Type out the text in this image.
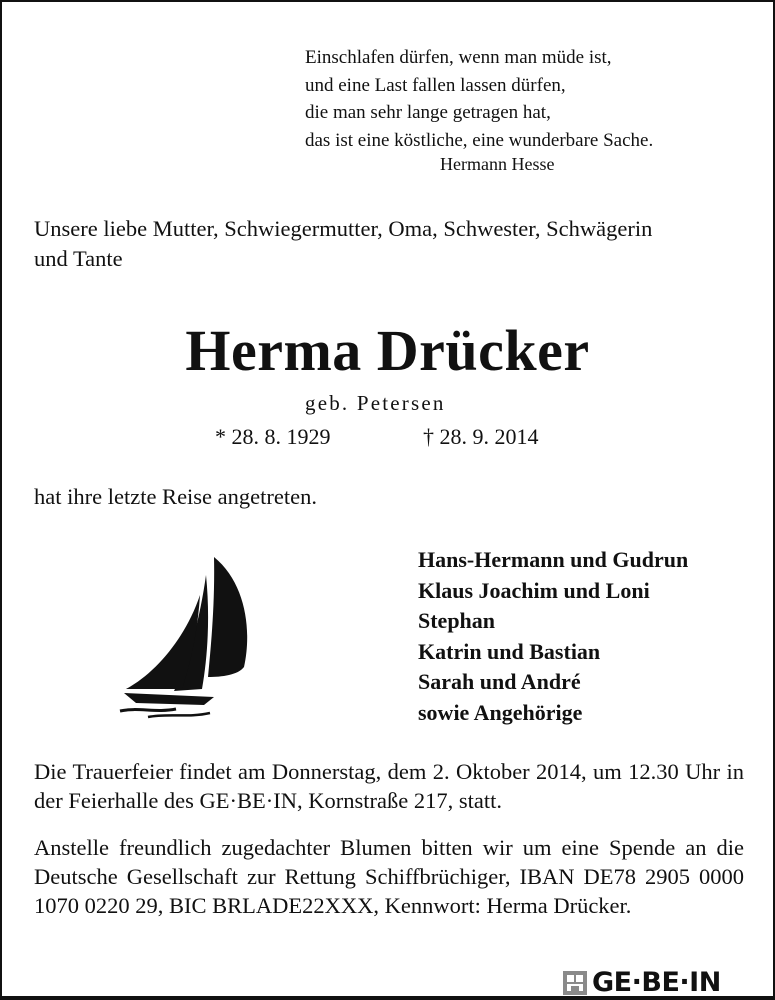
Einschlafen dürfen, wenn man müde ist,
und eine Last fallen lassen dürfen,
die man sehr lange getragen hat,
das ist eine köstliche, eine wunderbare Sache.
Hermann Hesse
Unsere liebe Mutter, Schwiegermutter, Oma, Schwester, Schwägerin
und Tante
Herma Drücker
geb. Petersen
* 28. 8. 1929	† 28. 9. 2014
hat ihre letzte Reise angetreten.
Hans-Hermann und Gudrun
Klaus Joachim und Loni
Stephan
Katrin und Bastian
Sarah und André
sowie Angehörige
Die Trauerfeier findet am Donnerstag, dem 2. Oktober 2014, um 12.30 Uhr in der Feierhalle des GE·BE·IN, Kornstraße 217, statt.
Anstelle freundlich zugedachter Blumen bitten wir um eine Spende an die Deutsche Gesellschaft zur Rettung Schiffbrüchiger, IBAN DE78 2905 0000 1070 0220 29, BIC BRLADE22XXX, Kennwort: Herma Drücker.
GE·BE·IN
